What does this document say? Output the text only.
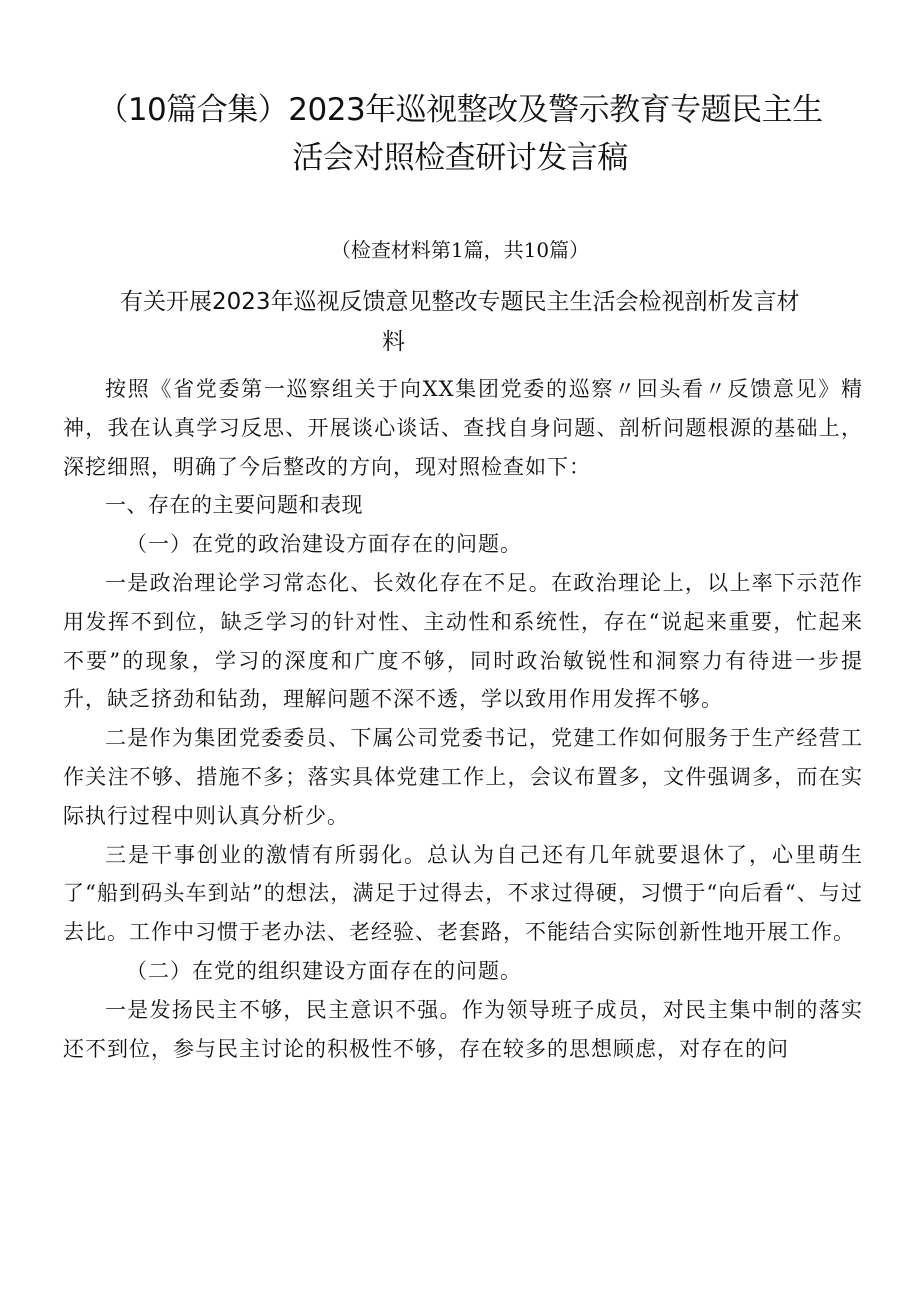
（10篇合集）2023年巡视整改及警示教育专题民主生
活会对照检查研讨发言稿
（检查材料第1篇，共10篇）
有关开展2023年巡视反馈意见整改专题民主生活会检视剖析发言材
料

按照《省党委第一巡察组关于向XX集团党委的巡察〃回头看〃反馈意见》精神，我在认真学习反思、开展谈心谈话、查找自身问题、剖析问题根源的基础上，深挖细照，明确了今后整改的方向，现对照检查如下：

一、存在的主要问题和表现

（一）在党的政治建设方面存在的问题。

一是政治理论学习常态化、长效化存在不足。在政治理论上，以上率下示范作用发挥不到位，缺乏学习的针对性、主动性和系统性，存在“说起来重要，忙起来不要”的现象，学习的深度和广度不够，同时政治敏锐性和洞察力有待进一步提升，缺乏挤劲和钻劲，理解问题不深不透，学以致用作用发挥不够。

二是作为集团党委委员、下属公司党委书记，党建工作如何服务于生产经营工作关注不够、措施不多；落实具体党建工作上，会议布置多，文件强调多，而在实际执行过程中则认真分析少。

三是干事创业的激情有所弱化。总认为自己还有几年就要退休了，心里萌生了“船到码头车到站”的想法，满足于过得去，不求过得硬，习惯于“向后看“、与过去比。工作中习惯于老办法、老经验、老套路，不能结合实际创新性地开展工作。

（二）在党的组织建设方面存在的问题。

一是发扬民主不够，民主意识不强。作为领导班子成员，对民主集中制的落实还不到位，参与民主讨论的积极性不够，存在较多的思想顾虑，对存在的问
